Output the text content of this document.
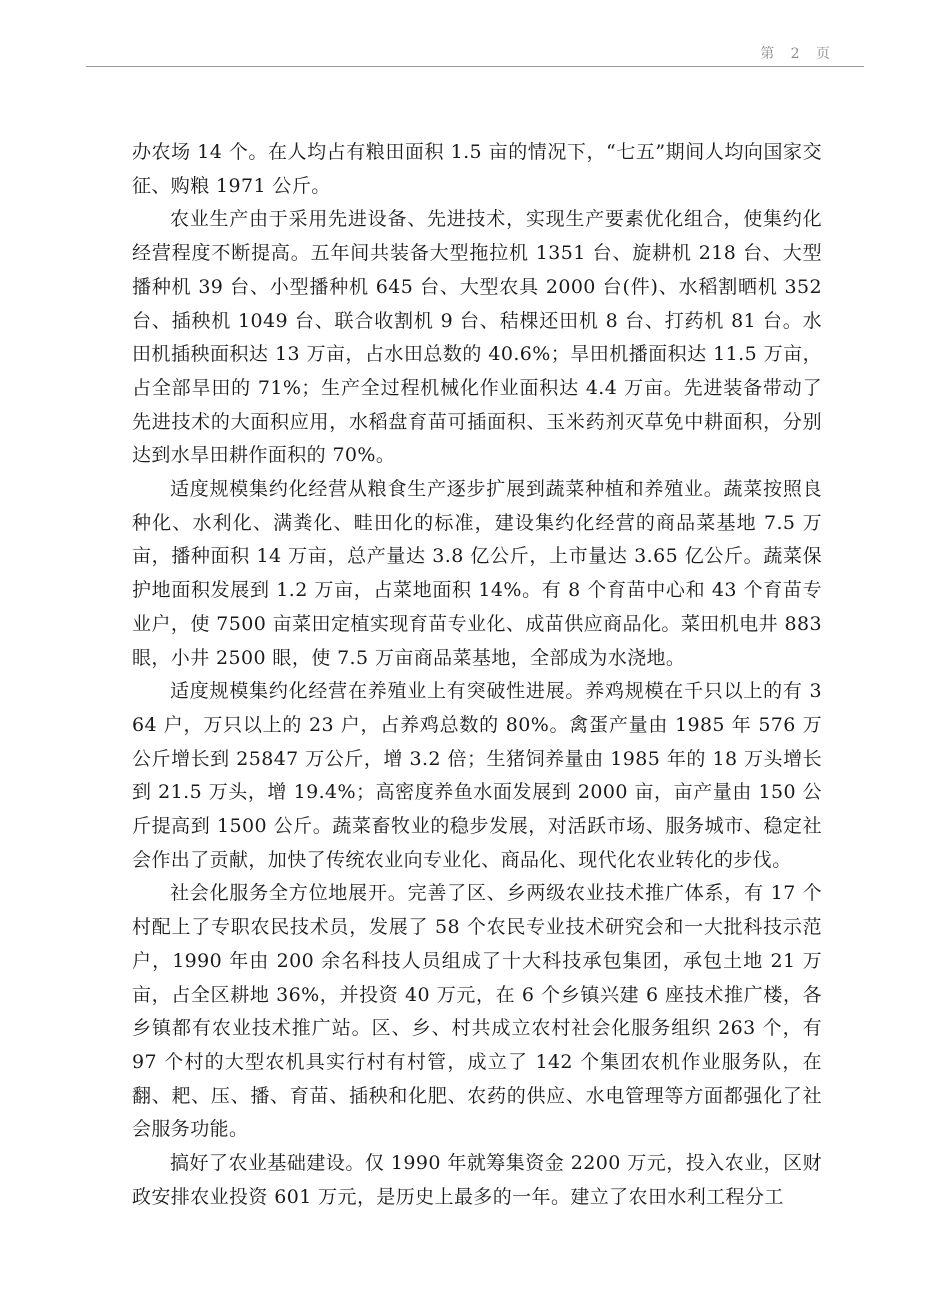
第 2 页

办农场 14 个。在人均占有粮田面积 1.5 亩的情况下，“七五”期间人均向国家交征、购粮 1971 公斤。

农业生产由于采用先进设备、先进技术，实现生产要素优化组合，使集约化经营程度不断提高。五年间共装备大型拖拉机 1351 台、旋耕机 218 台、大型播种机 39 台、小型播种机 645 台、大型农具 2000 台(件)、水稻割晒机 352 台、插秧机 1049 台、联合收割机 9 台、秸棵还田机 8 台、打药机 81 台。水田机插秧面积达 13 万亩，占水田总数的 40.6%；旱田机播面积达 11.5 万亩，占全部旱田的 71%；生产全过程机械化作业面积达 4.4 万亩。先进装备带动了先进技术的大面积应用，水稻盘育苗可插面积、玉米药剂灭草免中耕面积，分别达到水旱田耕作面积的 70%。

适度规模集约化经营从粮食生产逐步扩展到蔬菜种植和养殖业。蔬菜按照良种化、水利化、满粪化、畦田化的标准，建设集约化经营的商品菜基地 7.5 万亩，播种面积 14 万亩，总产量达 3.8 亿公斤，上市量达 3.65 亿公斤。蔬菜保护地面积发展到 1.2 万亩，占菜地面积 14%。有 8 个育苗中心和 43 个育苗专业户，使 7500 亩菜田定植实现育苗专业化、成苗供应商品化。菜田机电井 883 眼，小井 2500 眼，使 7.5 万亩商品菜基地，全部成为水浇地。

适度规模集约化经营在养殖业上有突破性进展。养鸡规模在千只以上的有 364 户，万只以上的 23 户，占养鸡总数的 80%。禽蛋产量由 1985 年 576 万公斤增长到 25847 万公斤，增 3.2 倍；生猪饲养量由 1985 年的 18 万头增长到 21.5 万头，增 19.4%；高密度养鱼水面发展到 2000 亩，亩产量由 150 公斤提高到 1500 公斤。蔬菜畜牧业的稳步发展，对活跃市场、服务城市、稳定社会作出了贡献，加快了传统农业向专业化、商品化、现代化农业转化的步伐。

社会化服务全方位地展开。完善了区、乡两级农业技术推广体系，有 17 个村配上了专职农民技术员，发展了 58 个农民专业技术研究会和一大批科技示范户，1990 年由 200 余名科技人员组成了十大科技承包集团，承包土地 21 万亩，占全区耕地 36%，并投资 40 万元，在 6 个乡镇兴建 6 座技术推广楼，各乡镇都有农业技术推广站。区、乡、村共成立农村社会化服务组织 263 个，有 97 个村的大型农机具实行村有村管，成立了 142 个集团农机作业服务队，在翻、耙、压、播、育苗、插秧和化肥、农药的供应、水电管理等方面都强化了社会服务功能。

搞好了农业基础建设。仅 1990 年就筹集资金 2200 万元，投入农业，区财政安排农业投资 601 万元，是历史上最多的一年。建立了农田水利工程分工
